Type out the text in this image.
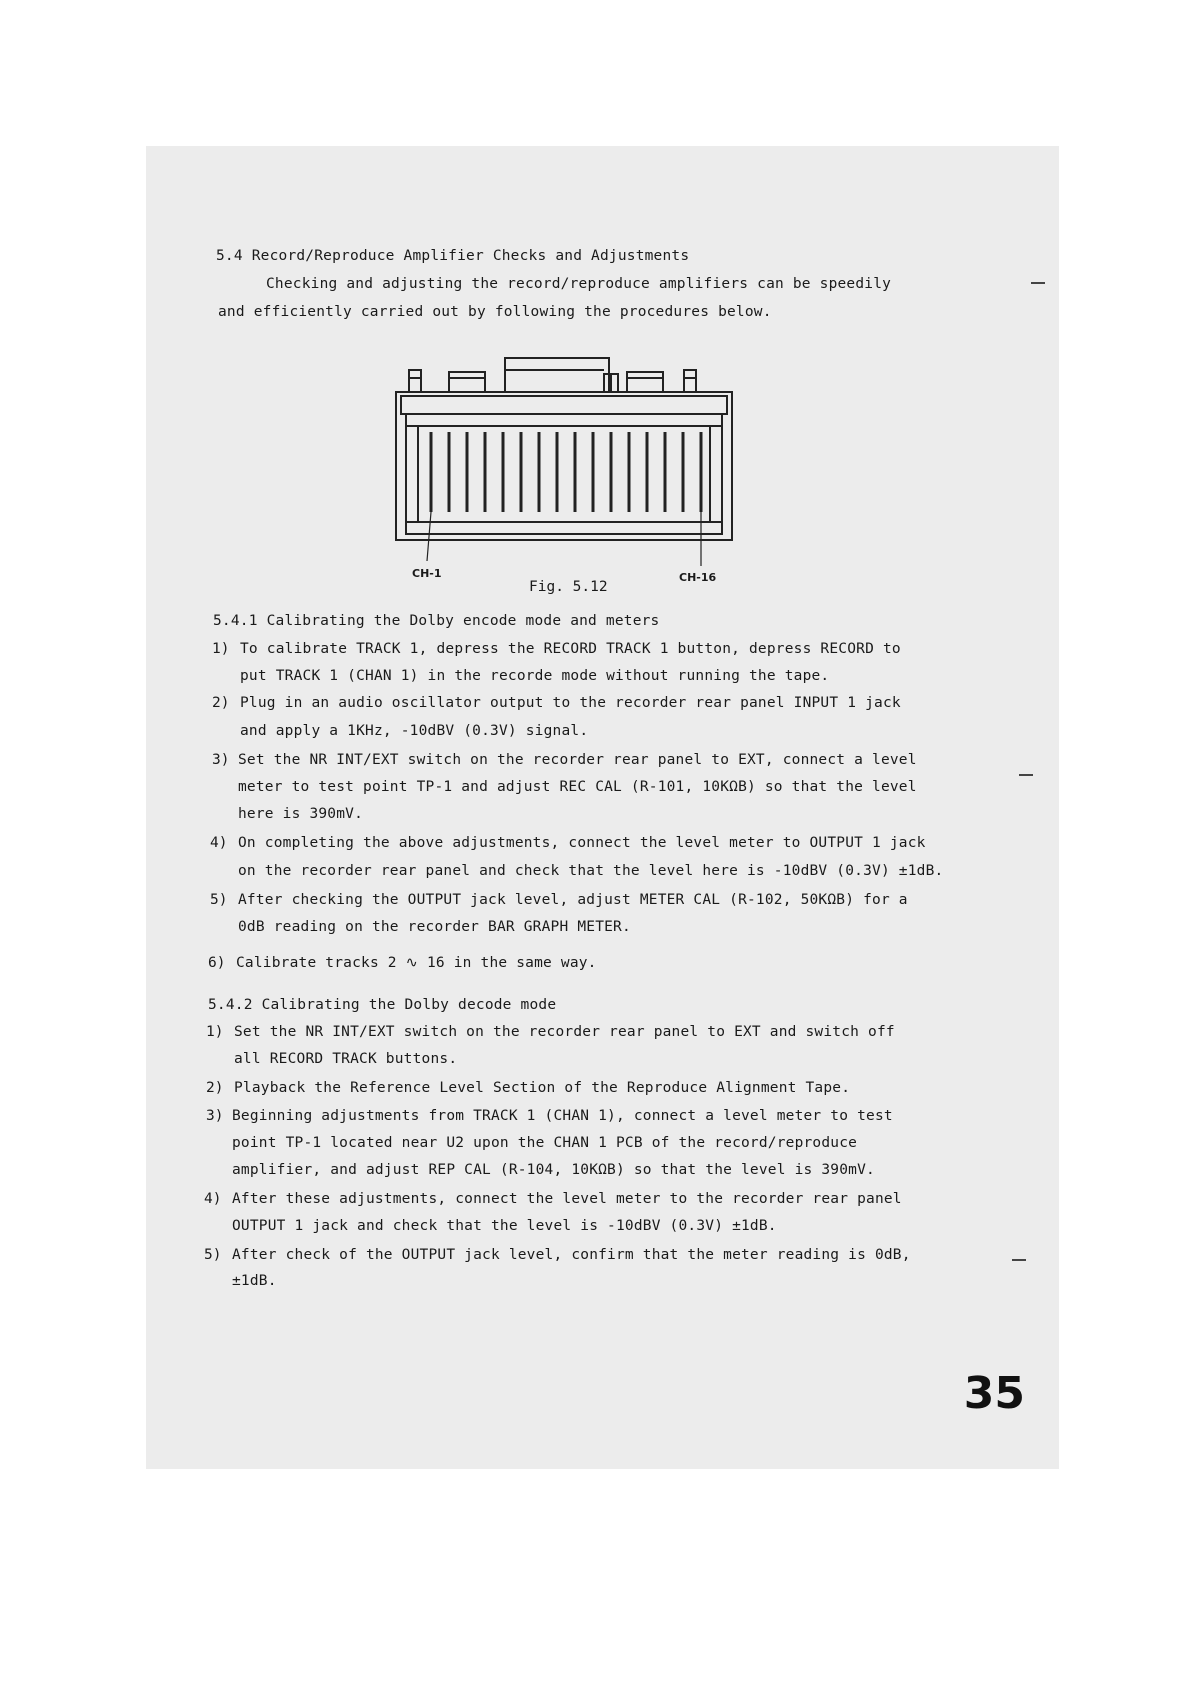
5.4 Record/Reproduce Amplifier Checks and Adjustments
Checking and adjusting the record/reproduce amplifiers can be speedily
and efficiently carried out by following the procedures below.
CH-1	CH-16
Fig. 5.12
5.4.1 Calibrating the Dolby encode mode and meters
1) To calibrate TRACK 1, depress the RECORD TRACK 1 button, depress RECORD to
put TRACK 1 (CHAN 1) in the recorde mode without running the tape.
2) Plug in an audio oscillator output to the recorder rear panel INPUT 1 jack
and apply a 1KHz, -10dBV (0.3V) signal.
3) Set the NR INT/EXT switch on the recorder rear panel to EXT, connect a level
meter to test point TP-1 and adjust REC CAL (R-101, 10KΩB) so that the level
here is 390mV.
4) On completing the above adjustments, connect the level meter to OUTPUT 1 jack
on the recorder rear panel and check that the level here is -10dBV (0.3V) ±1dB.
5) After checking the OUTPUT jack level, adjust METER CAL (R-102, 50KΩB) for a
0dB reading on the recorder BAR GRAPH METER.
6) Calibrate tracks 2 ∿ 16 in the same way.
5.4.2 Calibrating the Dolby decode mode
1) Set the NR INT/EXT switch on the recorder rear panel to EXT and switch off
all RECORD TRACK buttons.
2) Playback the Reference Level Section of the Reproduce Alignment Tape.
3) Beginning adjustments from TRACK 1 (CHAN 1), connect a level meter to test
point TP-1 located near U2 upon the CHAN 1 PCB of the record/reproduce
amplifier, and adjust REP CAL (R-104, 10KΩB) so that the level is 390mV.
4) After these adjustments, connect the level meter to the recorder rear panel
OUTPUT 1 jack and check that the level is -10dBV (0.3V) ±1dB.
5) After check of the OUTPUT jack level, confirm that the meter reading is 0dB,
±1dB.
35
